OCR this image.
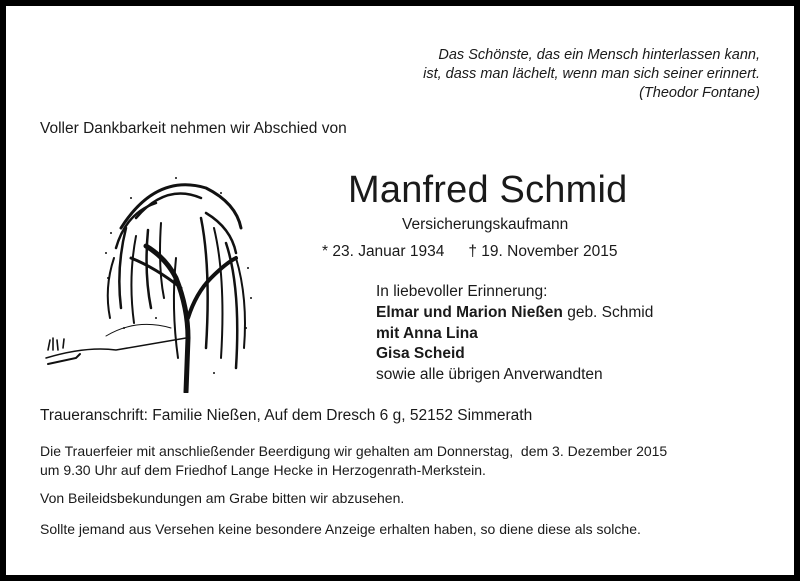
Das Schönste, das ein Mensch hinterlassen kann,
ist, dass man lächelt, wenn man sich seiner erinnert.
(Theodor Fontane)
Voller Dankbarkeit nehmen wir Abschied von
Manfred Schmid
Versicherungskaufmann
* 23. Januar 1934 † 19. November 2015
In liebevoller Erinnerung:
Elmar und Marion Nießen geb. Schmid
mit Anna Lina
Gisa Scheid
sowie alle übrigen Anverwandten
Traueranschrift: Familie Nießen, Auf dem Dresch 6 g, 52152 Simmerath
Die Trauerfeier mit anschließender Beerdigung wir gehalten am Donnerstag,  dem 3. Dezember 2015
um 9.30 Uhr auf dem Friedhof Lange Hecke in Herzogenrath-Merkstein.
Von Beileidsbekundungen am Grabe bitten wir abzusehen.
Sollte jemand aus Versehen keine besondere Anzeige erhalten haben, so diene diese als solche.
